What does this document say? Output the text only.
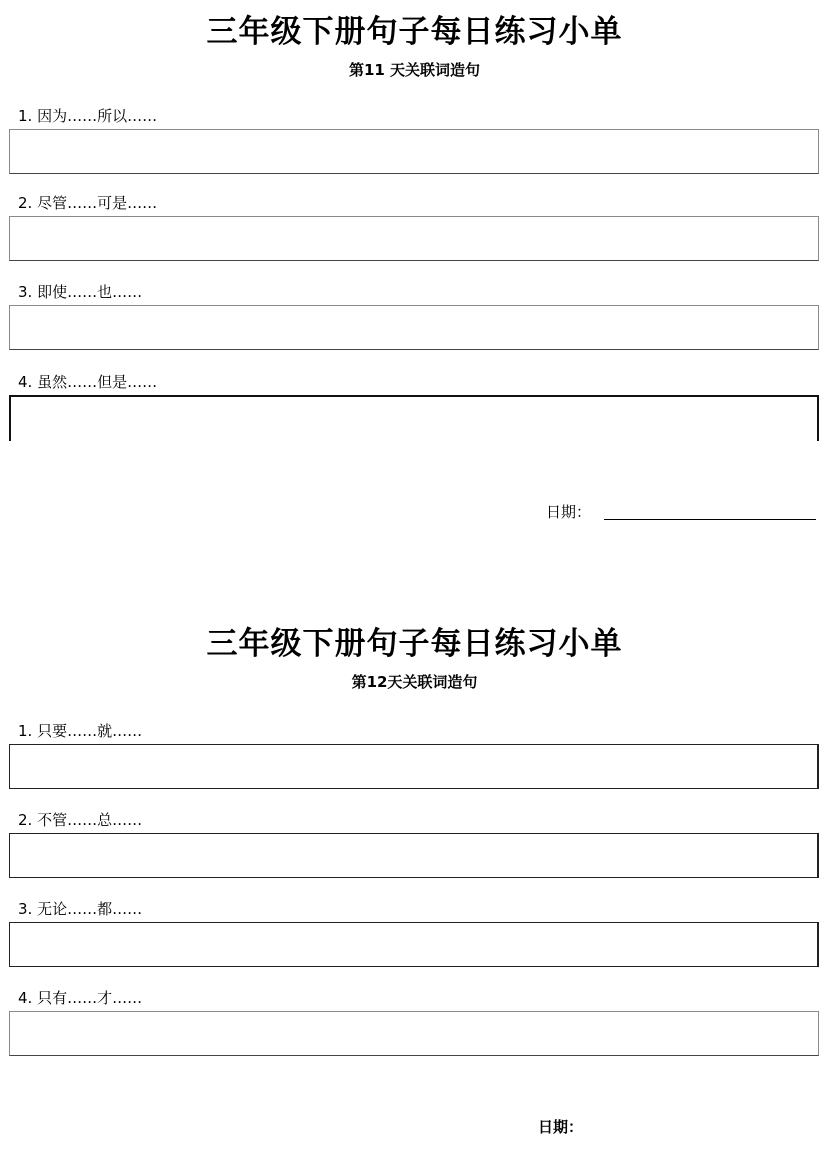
三年级下册句子每日练习小单
第11 天关联词造句
1. 因为……所以……
2. 尽管……可是……
3. 即使……也……
4. 虽然……但是……
日期：
三年级下册句子每日练习小单
第12天关联词造句
1. 只要……就……
2. 不管……总……
3. 无论……都……
4. 只有……才……
日期：
